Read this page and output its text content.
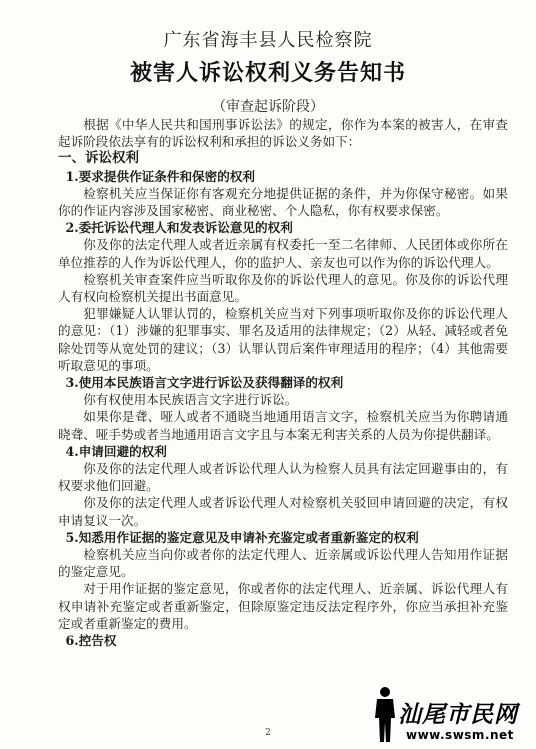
广东省海丰县人民检察院
被害人诉讼权利义务告知书
（审查起诉阶段）

根据《中华人民共和国刑事诉讼法》的规定，你作为本案的被害人，在审查起诉阶段依法享有的诉讼权利和承担的诉讼义务如下：

一、诉讼权利

1.要求提供作证条件和保密的权利

检察机关应当保证你有客观充分地提供证据的条件，并为你保守秘密。如果你的作证内容涉及国家秘密、商业秘密、个人隐私，你有权要求保密。

2.委托诉讼代理人和发表诉讼意见的权利

你及你的法定代理人或者近亲属有权委托一至二名律师、人民团体或你所在单位推荐的人作为诉讼代理人，你的监护人、亲友也可以作为你的诉讼代理人。

检察机关审查案件应当听取你及你的诉讼代理人的意见。你及你的诉讼代理人有权向检察机关提出书面意见。

犯罪嫌疑人认罪认罚的，检察机关应当对下列事项听取你及你的诉讼代理人的意见：（1）涉嫌的犯罪事实、罪名及适用的法律规定；（2）从轻、减轻或者免除处罚等从宽处罚的建议；（3）认罪认罚后案件审理适用的程序；（4）其他需要听取意见的事项。

3.使用本民族语言文字进行诉讼及获得翻译的权利

你有权使用本民族语言文字进行诉讼。

如果你是聋、哑人或者不通晓当地通用语言文字，检察机关应当为你聘请通晓聋、哑手势或者当地通用语言文字且与本案无利害关系的人员为你提供翻译。

4.申请回避的权利

你及你的法定代理人或者诉讼代理人认为检察人员具有法定回避事由的，有权要求他们回避。

你及你的法定代理人或者诉讼代理人对检察机关驳回申请回避的决定，有权申请复议一次。

5.知悉用作证据的鉴定意见及申请补充鉴定或者重新鉴定的权利

检察机关应当向你或者你的法定代理人、近亲属或诉讼代理人告知用作证据的鉴定意见。

对于用作证据的鉴定意见，你或者你的法定代理人、近亲属、诉讼代理人有权申请补充鉴定或者重新鉴定，但除原鉴定违反法定程序外，你应当承担补充鉴定或者重新鉴定的费用。

6.控告权

2
汕尾市民网
www.swsm.net
